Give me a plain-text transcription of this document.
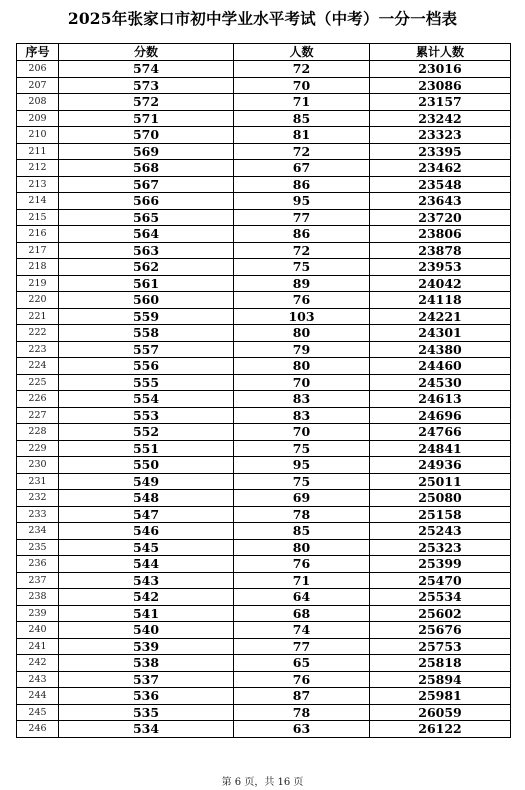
2025年张家口市初中学业水平考试（中考）一分一档表
序号	分数	人数	累计人数
206	574	72	23016
207	573	70	23086
208	572	71	23157
209	571	85	23242
210	570	81	23323
211	569	72	23395
212	568	67	23462
213	567	86	23548
214	566	95	23643
215	565	77	23720
216	564	86	23806
217	563	72	23878
218	562	75	23953
219	561	89	24042
220	560	76	24118
221	559	103	24221
222	558	80	24301
223	557	79	24380
224	556	80	24460
225	555	70	24530
226	554	83	24613
227	553	83	24696
228	552	70	24766
229	551	75	24841
230	550	95	24936
231	549	75	25011
232	548	69	25080
233	547	78	25158
234	546	85	25243
235	545	80	25323
236	544	76	25399
237	543	71	25470
238	542	64	25534
239	541	68	25602
240	540	74	25676
241	539	77	25753
242	538	65	25818
243	537	76	25894
244	536	87	25981
245	535	78	26059
246	534	63	26122
第 6 页，共 16 页
